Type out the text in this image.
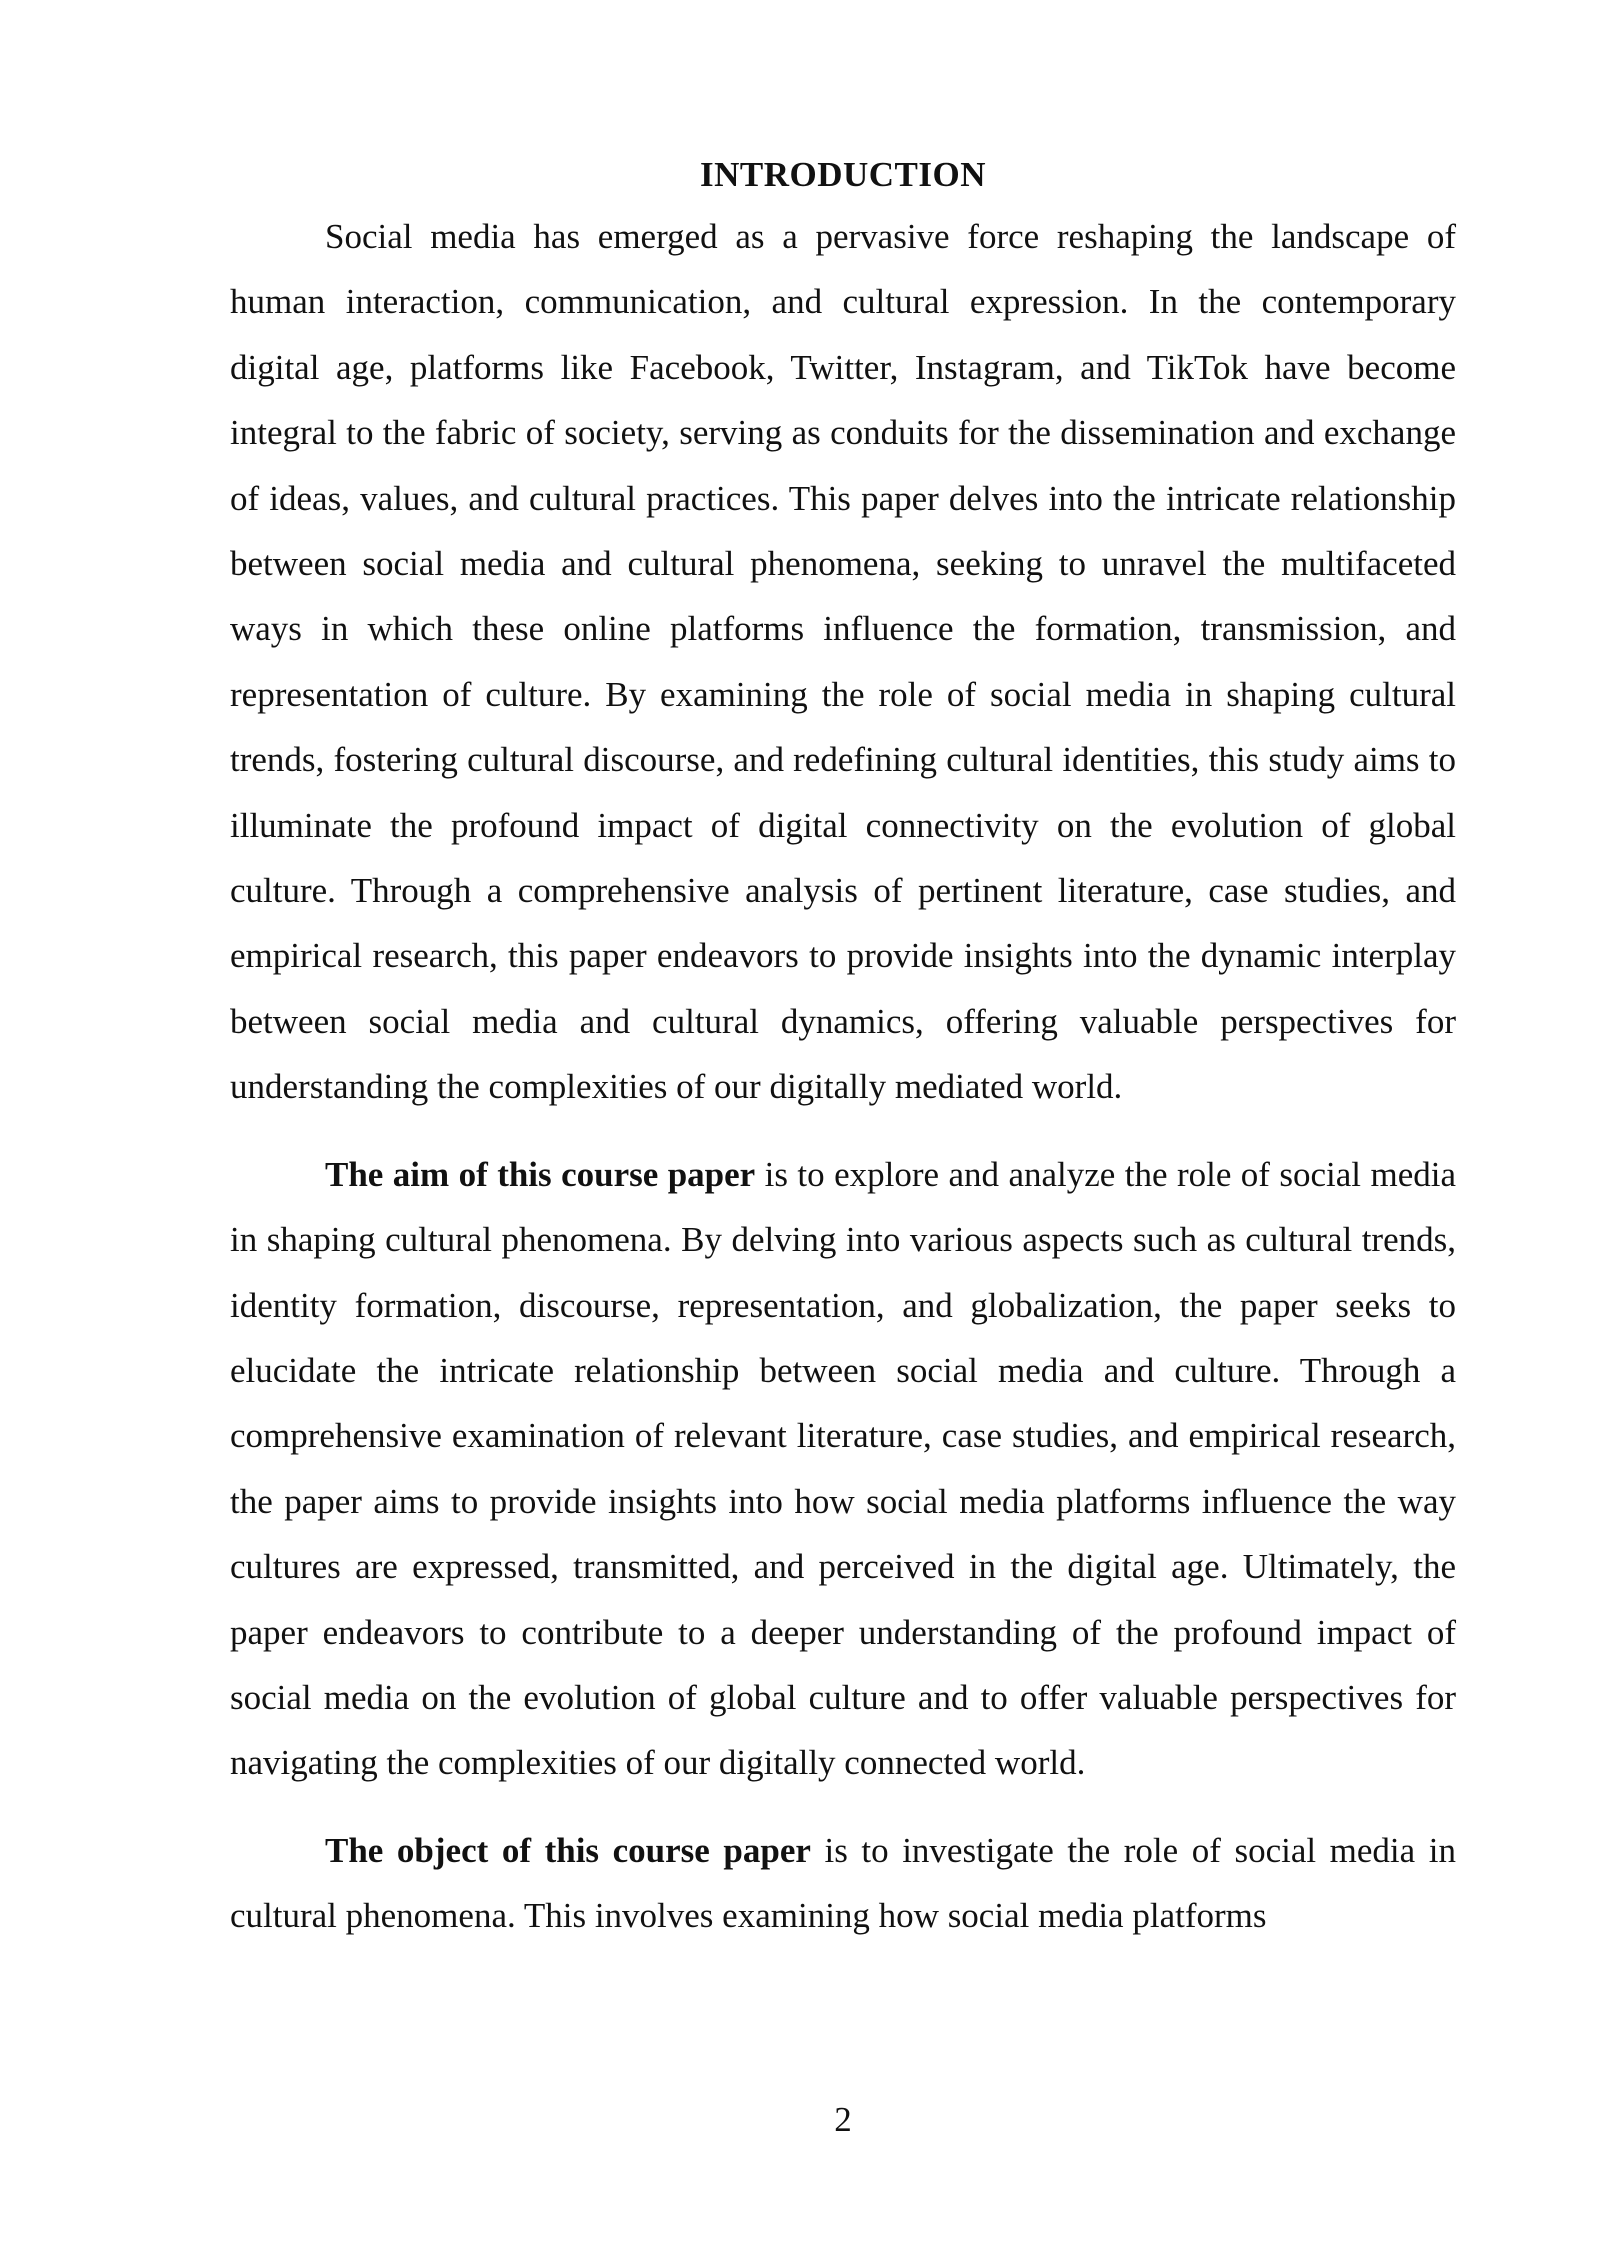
INTRODUCTION

Social media has emerged as a pervasive force reshaping the landscape of human interaction, communication, and cultural expression. In the contemporary digital age, platforms like Facebook, Twitter, Instagram, and TikTok have become integral to the fabric of society, serving as conduits for the dissemination and exchange of ideas, values, and cultural practices. This paper delves into the intricate relationship between social media and cultural phenomena, seeking to unravel the multifaceted ways in which these online platforms influence the formation, transmission, and representation of culture. By examining the role of social media in shaping cultural trends, fostering cultural discourse, and redefining cultural identities, this study aims to illuminate the profound impact of digital connectivity on the evolution of global culture. Through a comprehensive analysis of pertinent literature, case studies, and empirical research, this paper endeavors to provide insights into the dynamic interplay between social media and cultural dynamics, offering valuable perspectives for understanding the complexities of our digitally mediated world.

The aim of this course paper is to explore and analyze the role of social media in shaping cultural phenomena. By delving into various aspects such as cultural trends, identity formation, discourse, representation, and globalization, the paper seeks to elucidate the intricate relationship between social media and culture. Through a comprehensive examination of relevant literature, case studies, and empirical research, the paper aims to provide insights into how social media platforms influence the way cultures are expressed, transmitted, and perceived in the digital age. Ultimately, the paper endeavors to contribute to a deeper understanding of the profound impact of social media on the evolution of global culture and to offer valuable perspectives for navigating the complexities of our digitally connected world.

The object of this course paper is to investigate the role of social media in cultural phenomena. This involves examining how social media platforms

2
